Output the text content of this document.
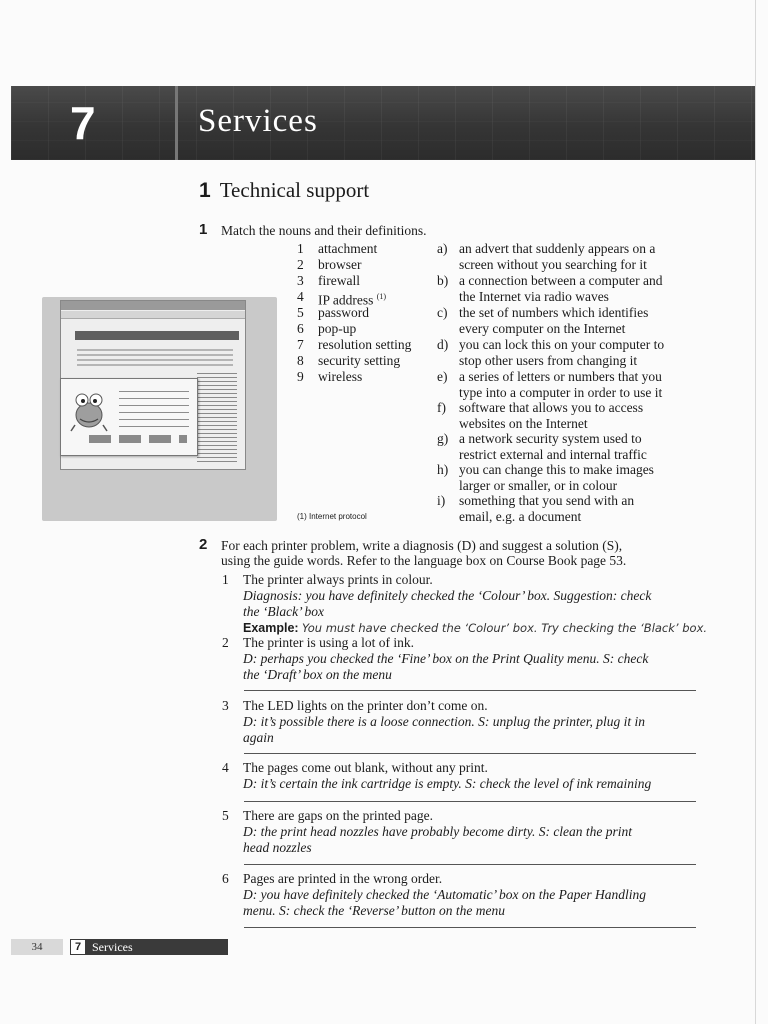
7	Services
1 Technical support
1 Match the nouns and their definitions.
1 attachment
2 browser
3 firewall
4 IP address $^{(1)}$
5 password
6 pop-up
7 resolution setting
8 security setting
9 wireless
a) an advert that suddenly appears on a
screen without you searching for it
b) a connection between a computer and
the Internet via radio waves
c) the set of numbers which identifies
every computer on the Internet
d) you can lock this on your computer to
stop other users from changing it
e) a series of letters or numbers that you
type into a computer in order to use it
f) software that allows you to access
websites on the Internet
g) a network security system used to
restrict external and internal traffic
h) you can change this to make images
larger or smaller, or in colour
i) something that you send with an
email, e.g. a document
(1) Internet protocol
2 For each printer problem, write a diagnosis (D) and suggest a solution (S),
using the guide words. Refer to the language box on Course Book page 53.
1 The printer always prints in colour.
Diagnosis: you have definitely checked the ‘Colour’ box. Suggestion: check
the ‘Black’ box
Example: You must have checked the ‘Colour’ box. Try checking the ‘Black’ box.
2 The printer is using a lot of ink.
D: perhaps you checked the ‘Fine’ box on the Print Quality menu. S: check
the ‘Draft’ box on the menu
3 The LED lights on the printer don’t come on.
D: it’s possible there is a loose connection. S: unplug the printer, plug it in
again
4 The pages come out blank, without any print.
D: it’s certain the ink cartridge is empty. S: check the level of ink remaining
5 There are gaps on the printed page.
D: the print head nozzles have probably become dirty. S: clean the print
head nozzles
6 Pages are printed in the wrong order.
D: you have definitely checked the ‘Automatic’ box on the Paper Handling
menu. S: check the ‘Reverse’ button on the menu
34	7 Services
